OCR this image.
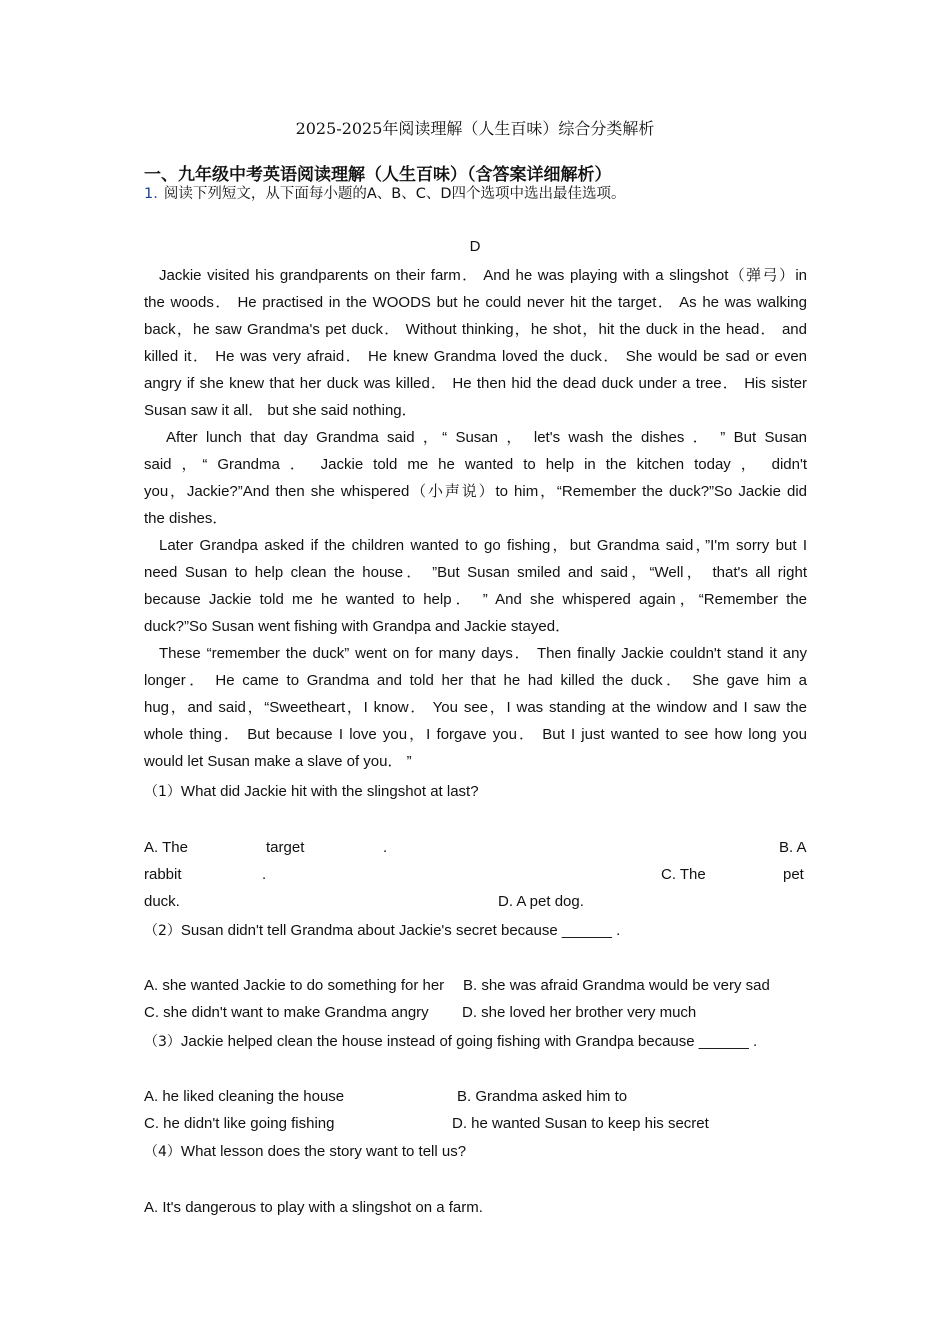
2025-2025年阅读理解（人生百味）综合分类解析
一、九年级中考英语阅读理解（人生百味）（含答案详细解析）
1. 阅读下列短文，从下面每小题的A、B、C、D四个选项中选出最佳选项。
D
Jackie visited his grandparents on their farm． And he was playing with a slingshot（弹弓）in
the woods． He practised in the WOODS but he could never hit the target． As he was walking
back，he saw Grandma's pet duck． Without thinking，he shot，hit the duck in the head． and
killed it． He was very afraid． He knew Grandma loved the duck． She would be sad or even
angry if she knew that her duck was killed． He then hid the dead duck under a tree． His sister
Susan saw it all． but she said nothing．
After lunch that day Grandma said ，“ Susan ， let's wash the dishes ． ” But Susan
said ，“ Grandma ． Jackie told me he wanted to help in the kitchen today ， didn't
you，Jackie?”And then she whispered（小声说）to him，“Remember the duck?”So Jackie did
the dishes．
Later Grandpa asked if the children wanted to go fishing，but Grandma said，”I'm sorry but I
need Susan to help clean the house． ”But Susan smiled and said，“Well， that's all right
because Jackie told me he wanted to help． ” And she whispered again，“Remember the
duck?”So Susan went fishing with Grandpa and Jackie stayed．
These “remember the duck” went on for many days． Then finally Jackie couldn't stand it any
longer． He came to Grandma and told her that he had killed the duck． She gave him a
hug，and said，“Sweetheart，I know． You see，I was standing at the window and I saw the
whole thing． But because I love you，I forgave you． But I just wanted to see how long you
would let Susan make a slave of you． ”
（1）What did Jackie hit with the slingshot at last?
A. The	target	.	B. A
rabbit	.	C. The	pet
duck.	D. A pet dog.
（2）Susan didn't tell Grandma about Jackie's secret because ______ .
A. she wanted Jackie to do something for her B. she was afraid Grandma would be very sad
C. she didn't want to make Grandma angry D. she loved her brother very much
（3）Jackie helped clean the house instead of going fishing with Grandpa because ______ .
A. he liked cleaning the house	B. Grandma asked him to
C. he didn't like going fishing	D. he wanted Susan to keep his secret
（4）What lesson does the story want to tell us?
A. It's dangerous to play with a slingshot on a farm.
